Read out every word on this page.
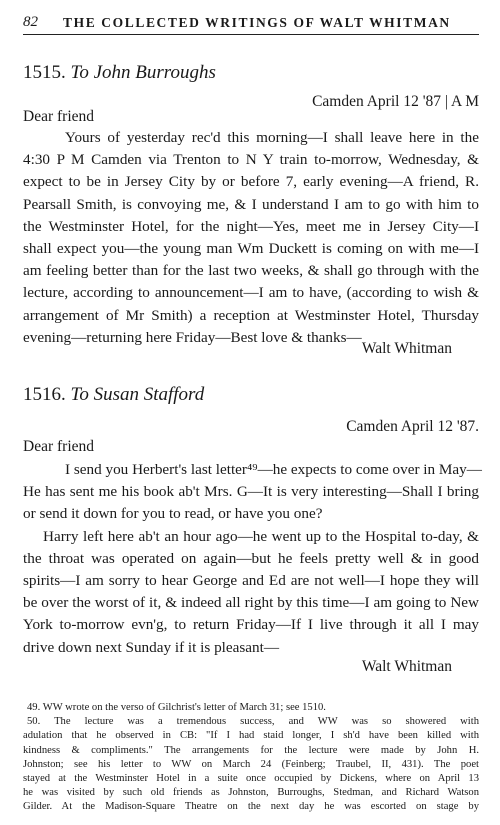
82 THE COLLECTED WRITINGS OF WALT WHITMAN
1515. To John Burroughs
Camden April 12 '87 | A M
Dear friend
Yours of yesterday rec'd this morning—I shall leave here in the
4:30 P M Camden via Trenton to N Y train to-morrow, Wednesday, &
expect to be in Jersey City by or before 7, early evening—A friend, R.
Pearsall Smith, is convoying me, & I understand I am to go with him to
the Westminster Hotel, for the night—Yes, meet me in Jersey City—I
shall expect you—the young man Wm Duckett is coming on with me—I
am feeling better than for the last two weeks, & shall go through with the
lecture, according to announcement—I am to have, (according to wish &
arrangement of Mr Smith) a reception at Westminster Hotel, Thursday
evening—returning here Friday—Best love & thanks—
Walt Whitman
1516. To Susan Stafford
Camden April 12 '87.
Dear friend
I send you Herbert's last letter⁴⁹—he expects to come over in May—
He has sent me his book ab't Mrs. G—It is very interesting—Shall I bring
or send it down for you to read, or have you one?
Harry left here ab't an hour ago—he went up to the Hospital to-day, &
the throat was operated on again—but he feels pretty well & in good
spirits—I am sorry to hear George and Ed are not well—I hope they will
be over the worst of it, & indeed all right by this time—I am going to New
York to-morrow evn'g, to return Friday—If I live through it all I may
drive down next Sunday if it is pleasant—
Walt Whitman
49. WW wrote on the verso of Gilchrist's letter of March 31; see 1510.
50. The lecture was a tremendous success, and WW was so showered with
adulation that he observed in CB: "If I had staid longer, I sh'd have been killed with
kindness & compliments." The arrangements for the lecture were made by John H.
Johnston; see his letter to WW on March 24 (Feinberg; Traubel, II, 431). The poet
stayed at the Westminster Hotel in a suite once occupied by Dickens, where on April 13
he was visited by such old friends as Johnston, Burroughs, Stedman, and Richard Watson
Gilder. At the Madison-Square Theatre on the next day he was escorted on stage by
